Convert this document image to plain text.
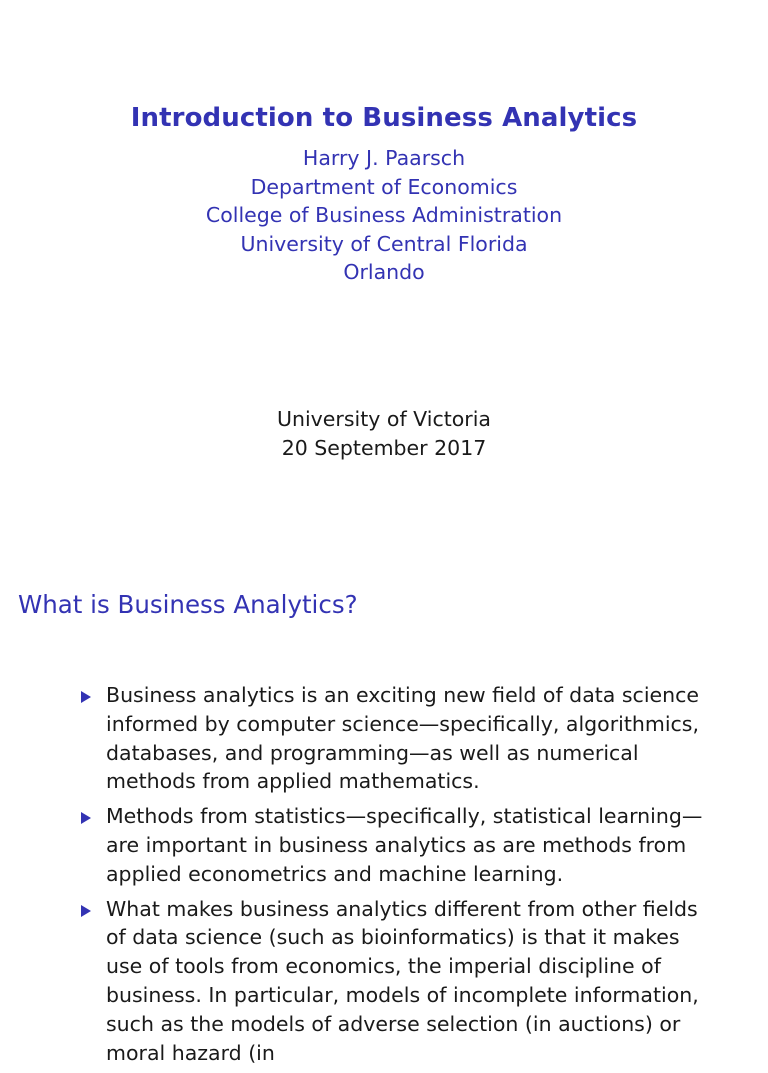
Introduction to Business Analytics
Harry J. Paarsch
Department of Economics
College of Business Administration
University of Central Florida
Orlando
University of Victoria
20 September 2017
What is Business Analytics?
Business analytics is an exciting new field of data science informed by computer science—specifically, algorithmics, databases, and programming—as well as numerical methods from applied mathematics.
Methods from statistics—specifically, statistical learning—are important in business analytics as are methods from applied econometrics and machine learning.
What makes business analytics different from other fields of data science (such as bioinformatics) is that it makes use of tools from economics, the imperial discipline of business. In particular, models of incomplete information, such as the models of adverse selection (in auctions) or moral hazard (in
